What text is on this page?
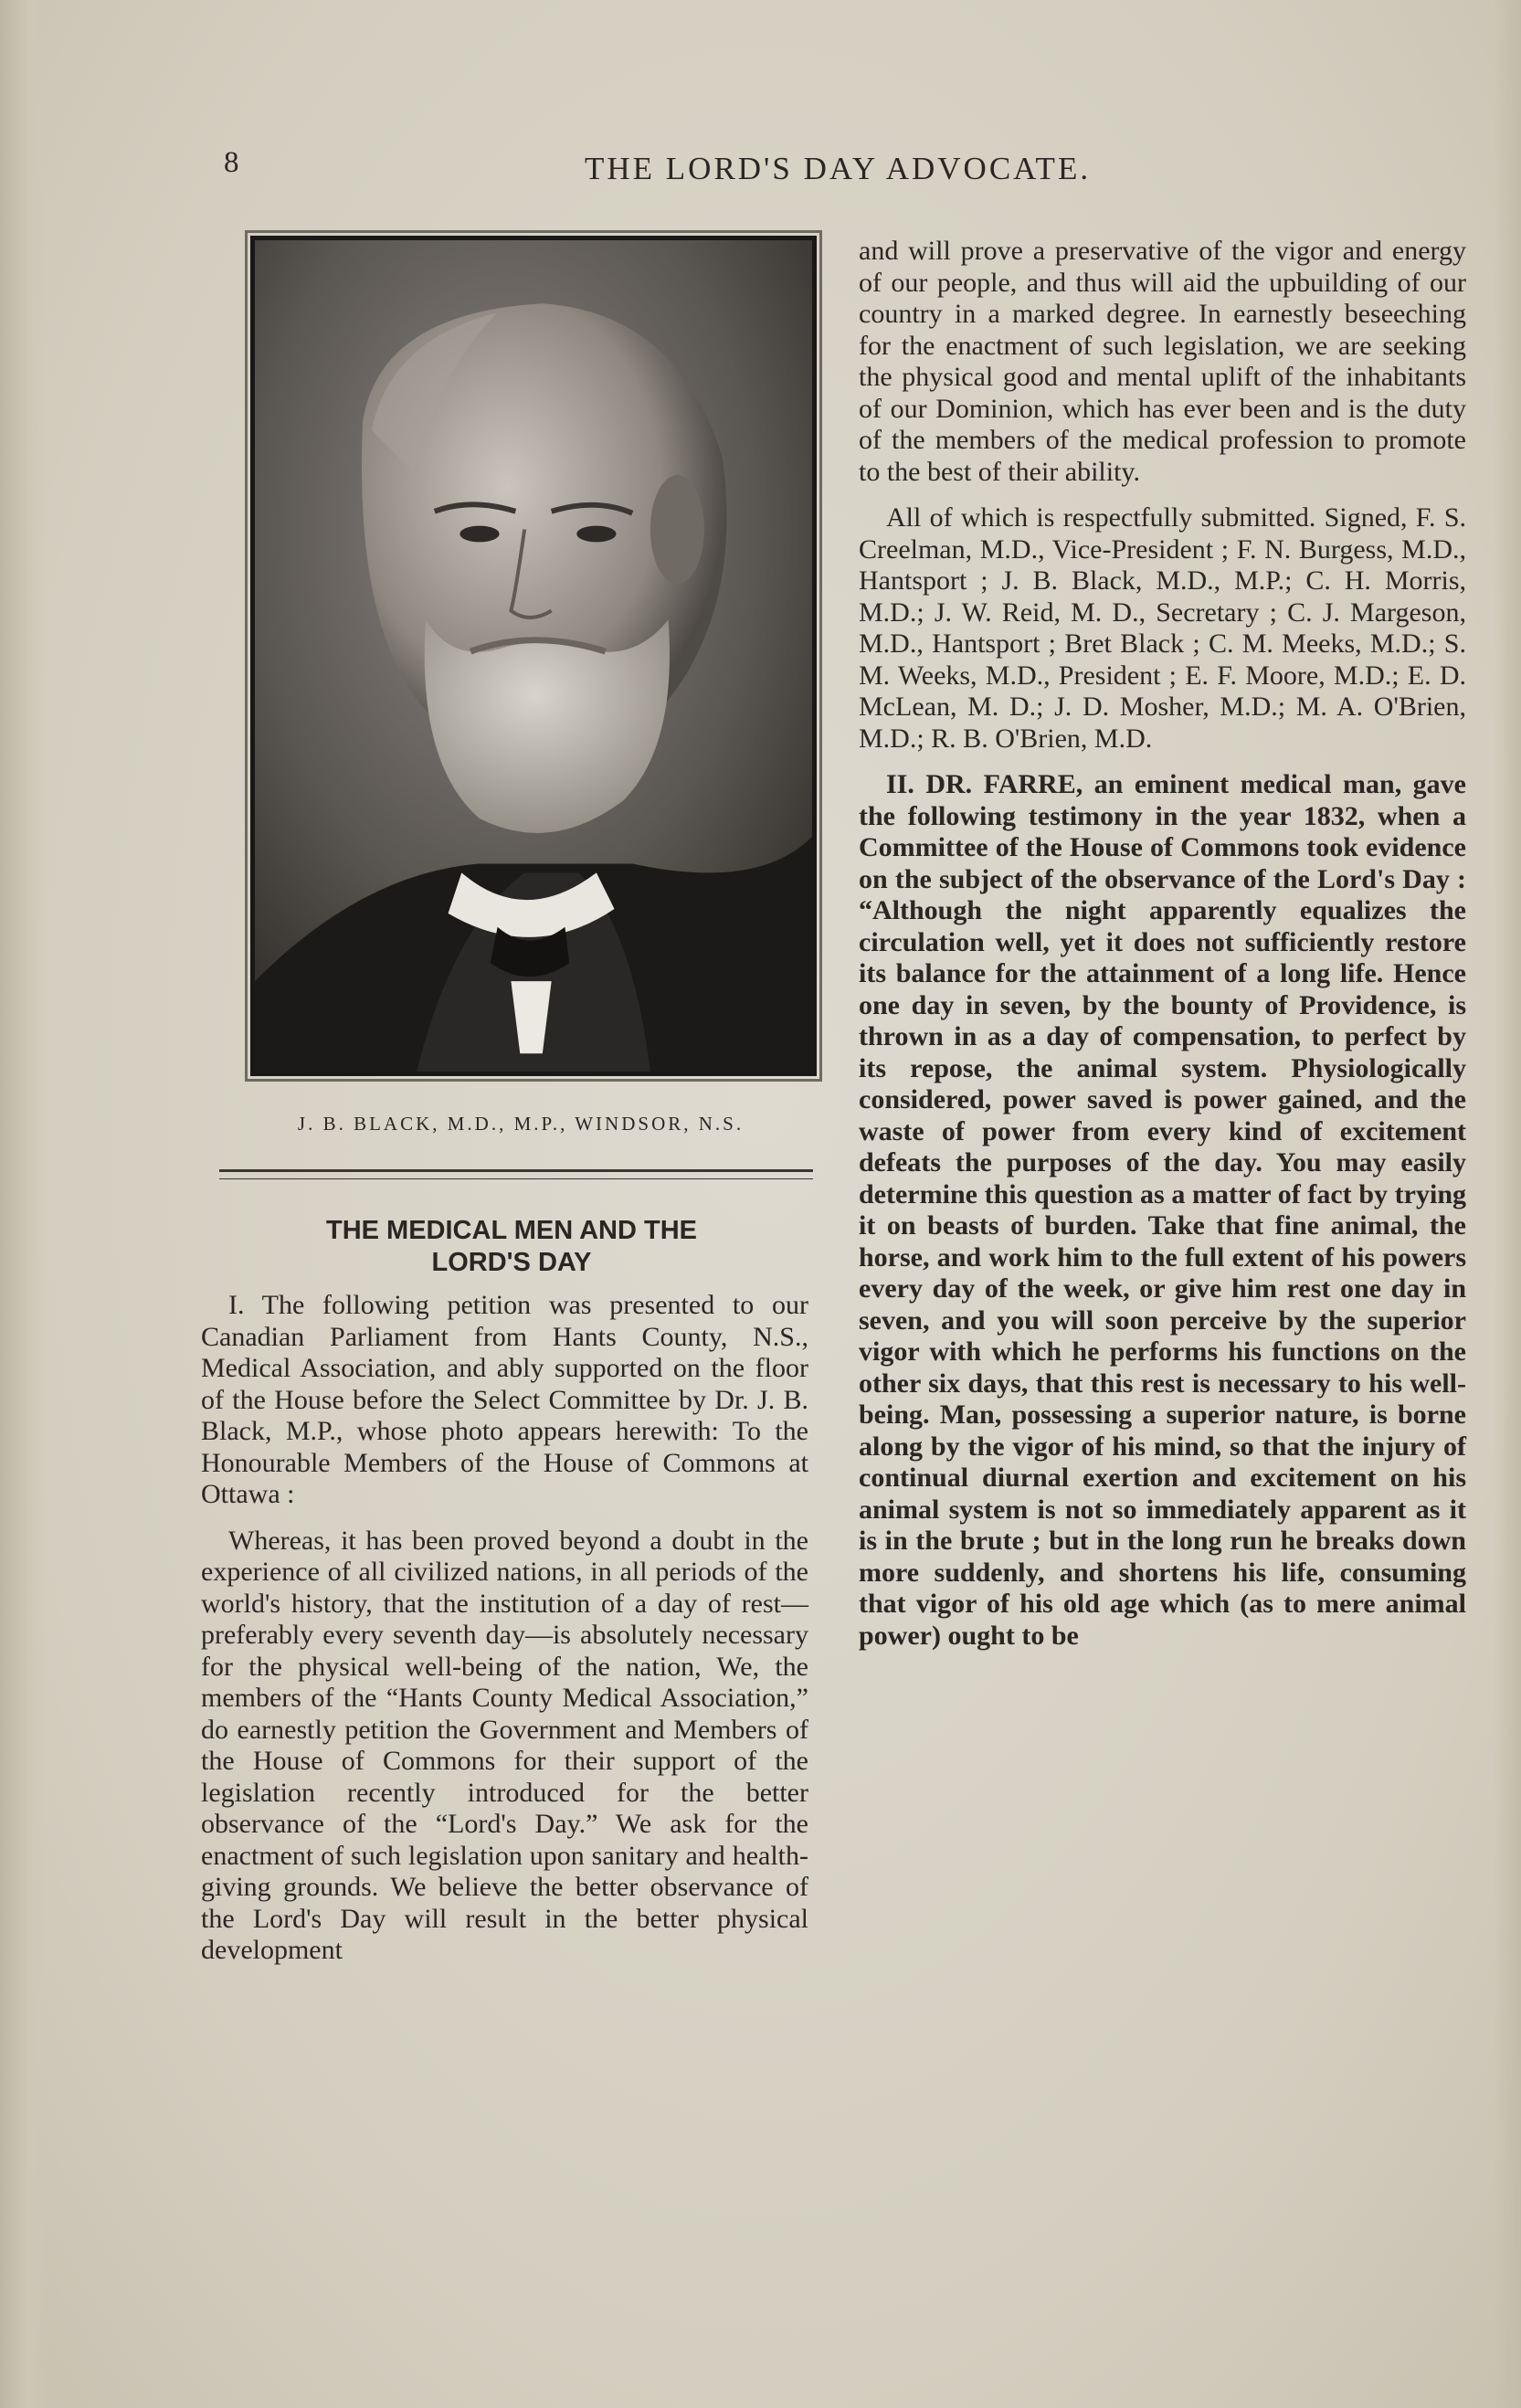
8	THE LORD'S DAY ADVOCATE.
J. B. BLACK, M.D., M.P., WINDSOR, N.S.
THE MEDICAL MEN AND THE
LORD'S DAY

I. The following petition was presented to our Canadian Parliament from Hants County, N.S., Medical Association, and ably supported on the floor of the House before the Select Committee by Dr. J. B. Black, M.P., whose photo appears herewith: To the Honourable Members of the House of Commons at Ottawa :

Whereas, it has been proved beyond a doubt in the experience of all civilized nations, in all periods of the world's history, that the institution of a day of rest—preferably every seventh day—is absolutely necessary for the physical well-being of the nation, We, the members of the “Hants County Medical Association,” do earnestly petition the Government and Members of the House of Commons for their support of the legislation recently introduced for the better observance of the “Lord's Day.” We ask for the enactment of such legislation upon sanitary and health-giving grounds. We believe the better observance of the Lord's Day will result in the better physical development

and will prove a preservative of the vigor and energy of our people, and thus will aid the upbuilding of our country in a marked degree. In earnestly beseeching for the enactment of such legislation, we are seeking the physical good and mental uplift of the inhabitants of our Dominion, which has ever been and is the duty of the members of the medical profession to promote to the best of their ability.

All of which is respectfully submitted. Signed, F. S. Creelman, M.D., Vice-President ; F. N. Burgess, M.D., Hantsport ; J. B. Black, M.D., M.P.; C. H. Morris, M.D.; J. W. Reid, M. D., Secretary ; C. J. Margeson, M.D., Hantsport ; Bret Black ; C. M. Meeks, M.D.; S. M. Weeks, M.D., President ; E. F. Moore, M.D.; E. D. McLean, M. D.; J. D. Mosher, M.D.; M. A. O'Brien, M.D.; R. B. O'Brien, M.D.

II. DR. FARRE, an eminent medical man, gave the following testimony in the year 1832, when a Committee of the House of Commons took evidence on the subject of the observance of the Lord's Day : “Although the night apparently equalizes the circulation well, yet it does not sufficiently restore its balance for the attainment of a long life. Hence one day in seven, by the bounty of Providence, is thrown in as a day of compensation, to perfect by its repose, the animal system. Physiologically considered, power saved is power gained, and the waste of power from every kind of excitement defeats the purposes of the day. You may easily determine this question as a matter of fact by trying it on beasts of burden. Take that fine animal, the horse, and work him to the full extent of his powers every day of the week, or give him rest one day in seven, and you will soon perceive by the superior vigor with which he performs his functions on the other six days, that this rest is necessary to his well-being. Man, possessing a superior nature, is borne along by the vigor of his mind, so that the injury of continual diurnal exertion and excitement on his animal system is not so immediately apparent as it is in the brute ; but in the long run he breaks down more suddenly, and shortens his life, consuming that vigor of his old age which (as to mere animal power) ought to be
